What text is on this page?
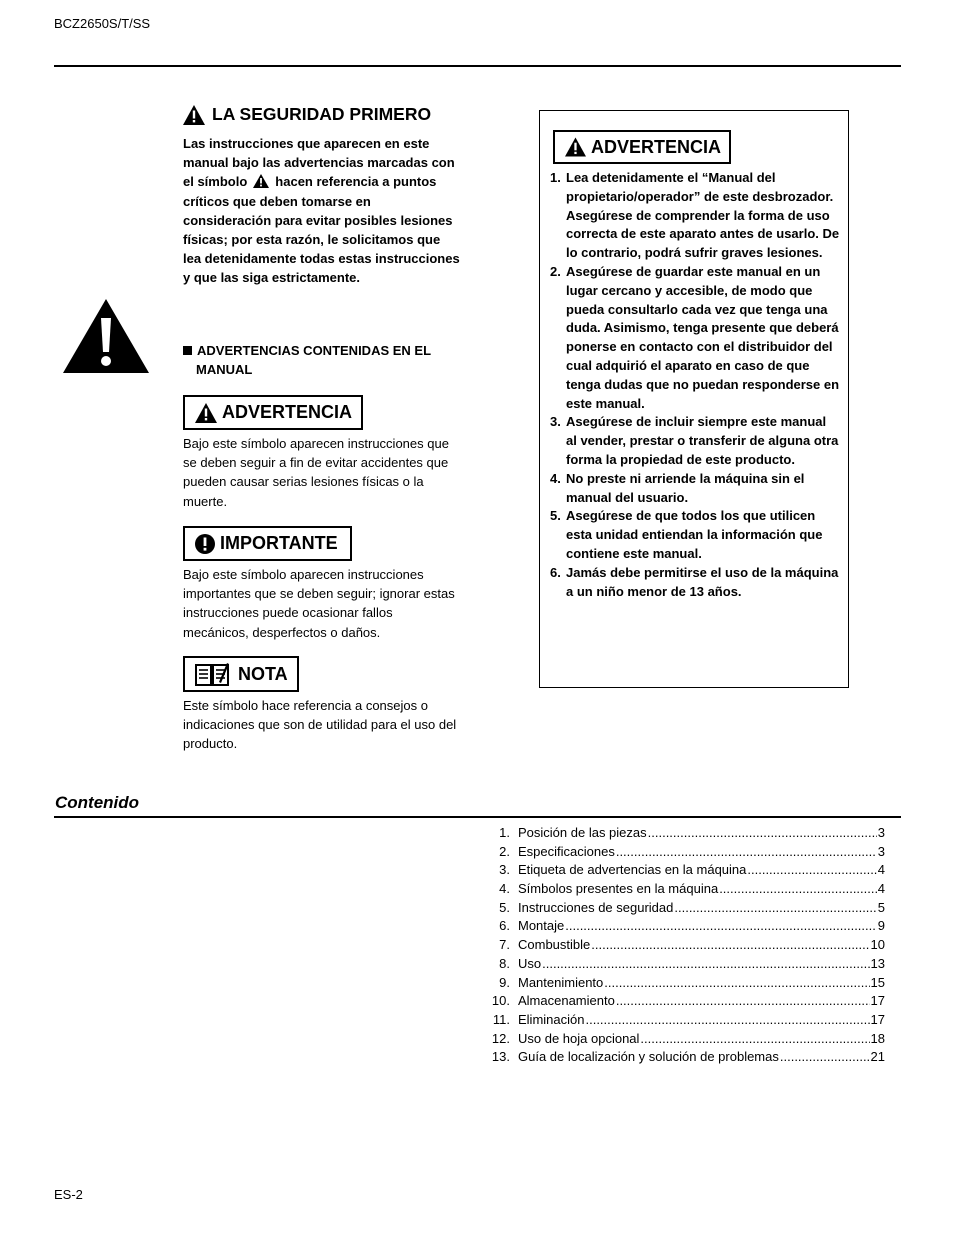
BCZ2650S/T/SS
LA SEGURIDAD PRIMERO
Las instrucciones que aparecen en este manual bajo las advertencias marcadas con el símbolo hacen referencia a puntos críticos que deben tomarse en consideración para evitar posibles lesiones físicas; por esta razón, le solicitamos que lea detenidamente todas estas instrucciones y que las siga estrictamente.
ADVERTENCIAS CONTENIDAS EN EL
MANUAL
ADVERTENCIA
Bajo este símbolo aparecen instrucciones que se deben seguir a fin de evitar accidentes que pueden causar serias lesiones físicas o la muerte.
IMPORTANTE
Bajo este símbolo aparecen instrucciones importantes que se deben seguir; ignorar estas instrucciones puede ocasionar fallos mecánicos, desperfectos o daños.
NOTA
Este símbolo hace referencia a consejos o indicaciones que son de utilidad para el uso del producto.
ADVERTENCIA
1. Lea detenidamente el “Manual del propietario/operador” de este desbrozador. Asegúrese de comprender la forma de uso correcta de este aparato antes de usarlo. De lo contrario, podrá sufrir graves lesiones.
2. Asegúrese de guardar este manual en un lugar cercano y accesible, de modo que pueda consultarlo cada vez que tenga una duda. Asimismo, tenga presente que deberá ponerse en contacto con el distribuidor del cual adquirió el aparato en caso de que tenga dudas que no puedan responderse en este manual.
3. Asegúrese de incluir siempre este manual al vender, prestar o transferir de alguna otra forma la propiedad de este producto.
4. No preste ni arriende la máquina sin el manual del usuario.
5. Asegúrese de que todos los que utilicen esta unidad entiendan la información que contiene este manual.
6. Jamás debe permitirse el uso de la máquina a un niño menor de 13 años.
Contenido
1. Posición de las piezas .....	3
2. Especificaciones .....	3
3. Etiqueta de advertencias en la máquina .....	4
4. Símbolos presentes en la máquina .....	4
5. Instrucciones de seguridad .....	5
6. Montaje .....	9
7. Combustible .....	10
8. Uso .....	13
9. Mantenimiento .....	15
10. Almacenamiento .....	17
11. Eliminación .....	17
12. Uso de hoja opcional .....	18
13. Guía de localización y solución de problemas .....	21
ES-2
